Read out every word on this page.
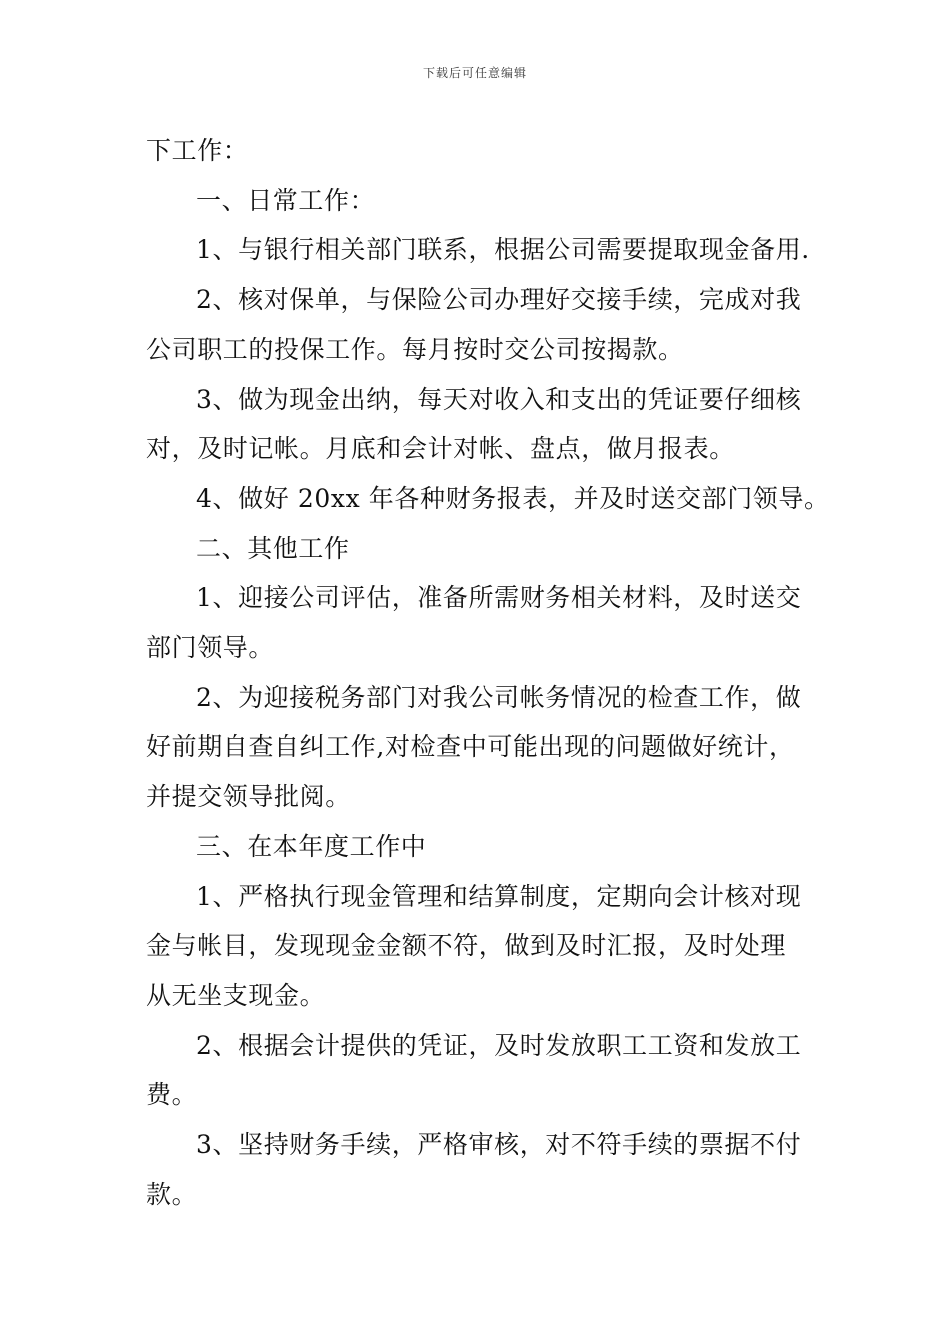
下载后可任意编辑

下工作：

一、日常工作：

1、与银行相关部门联系，根据公司需要提取现金备用.

2、核对保单，与保险公司办理好交接手续，完成对我

公司职工的投保工作。每月按时交公司按揭款。

3、做为现金出纳，每天对收入和支出的凭证要仔细核

对，及时记帐。月底和会计对帐、盘点，做月报表。

4、做好 20xx 年各种财务报表，并及时送交部门领导。

二、其他工作

1、迎接公司评估，准备所需财务相关材料，及时送交

部门领导。

2、为迎接税务部门对我公司帐务情况的检查工作，做

好前期自查自纠工作,对检查中可能出现的问题做好统计，

并提交领导批阅。

三、在本年度工作中

1、严格执行现金管理和结算制度，定期向会计核对现

金与帐目，发现现金金额不符，做到及时汇报，及时处理

从无坐支现金。

2、根据会计提供的凭证，及时发放职工工资和发放工

费。

3、坚持财务手续，严格审核，对不符手续的票据不付

款。
